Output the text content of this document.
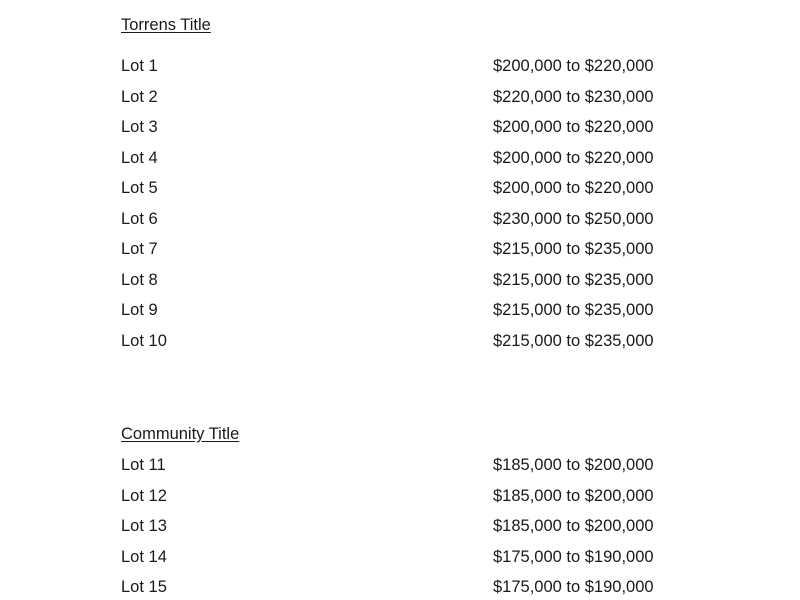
Torrens Title
Lot 1	$200,000 to $220,000
Lot 2	$220,000 to $230,000
Lot 3	$200,000 to $220,000
Lot 4	$200,000 to $220,000
Lot 5	$200,000 to $220,000
Lot 6	$230,000 to $250,000
Lot 7	$215,000 to $235,000
Lot 8	$215,000 to $235,000
Lot 9	$215,000 to $235,000
Lot 10	$215,000 to $235,000
Community Title
Lot 11	$185,000 to $200,000
Lot 12	$185,000 to $200,000
Lot 13	$185,000 to $200,000
Lot 14	$175,000 to $190,000
Lot 15	$175,000 to $190,000
